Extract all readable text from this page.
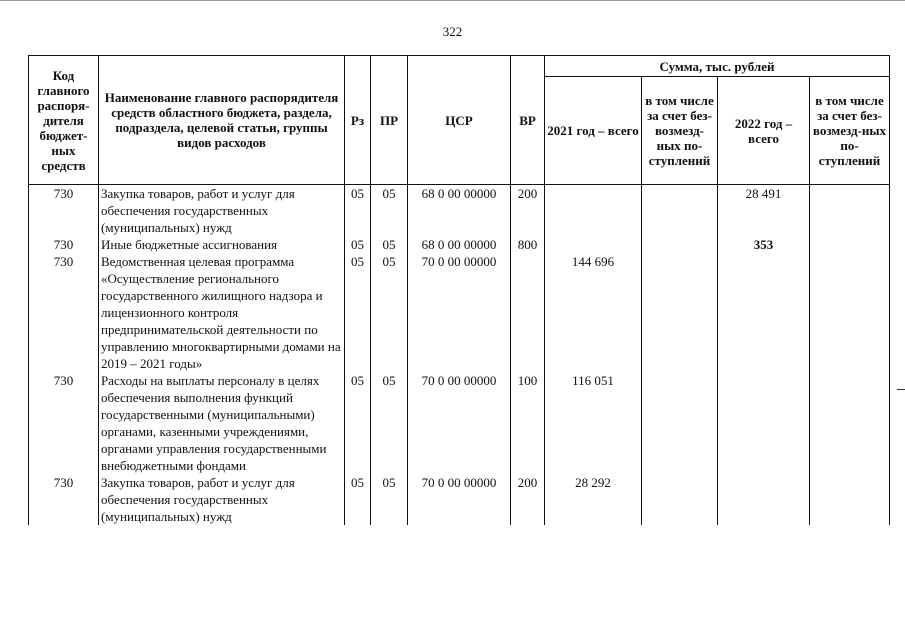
322
Код главного распоря-дителя бюджет-ных средств	Наименование главного распорядителя средств областного бюджета, раздела, подраздела, целевой статьи, группы видов расходов	Рз	ПР	ЦСР	ВР	Сумма, тыс. рублей			
						2021 год – всего	в том числе за счет без-возмезд-ных по-ступлений	2022 год – всего	в том числе за счет без-возмезд-ных по-ступлений
730	Закупка товаров, работ и услуг для обеспечения государственных (муниципальных) нужд	05	05	68 0 00 00000	200			28 491	
730	Иные бюджетные ассигнования	05	05	68 0 00 00000	800			353	
730	Ведомственная целевая программа «Осуществление регионального государственного жилищного надзора и лицензионного контроля предпринимательской деятельности по управлению многоквартирными домами на 2019 – 2021 годы»	05	05	70 0 00 00000		144 696			
730	Расходы на выплаты персоналу в целях обеспечения выполнения функций государственными (муниципальными) органами, казенными учреждениями, органами управления государственными внебюджетными фондами	05	05	70 0 00 00000	100	116 051			
730	Закупка товаров, работ и услуг для обеспечения государственных (муниципальных) нужд	05	05	70 0 00 00000	200	28 292			
